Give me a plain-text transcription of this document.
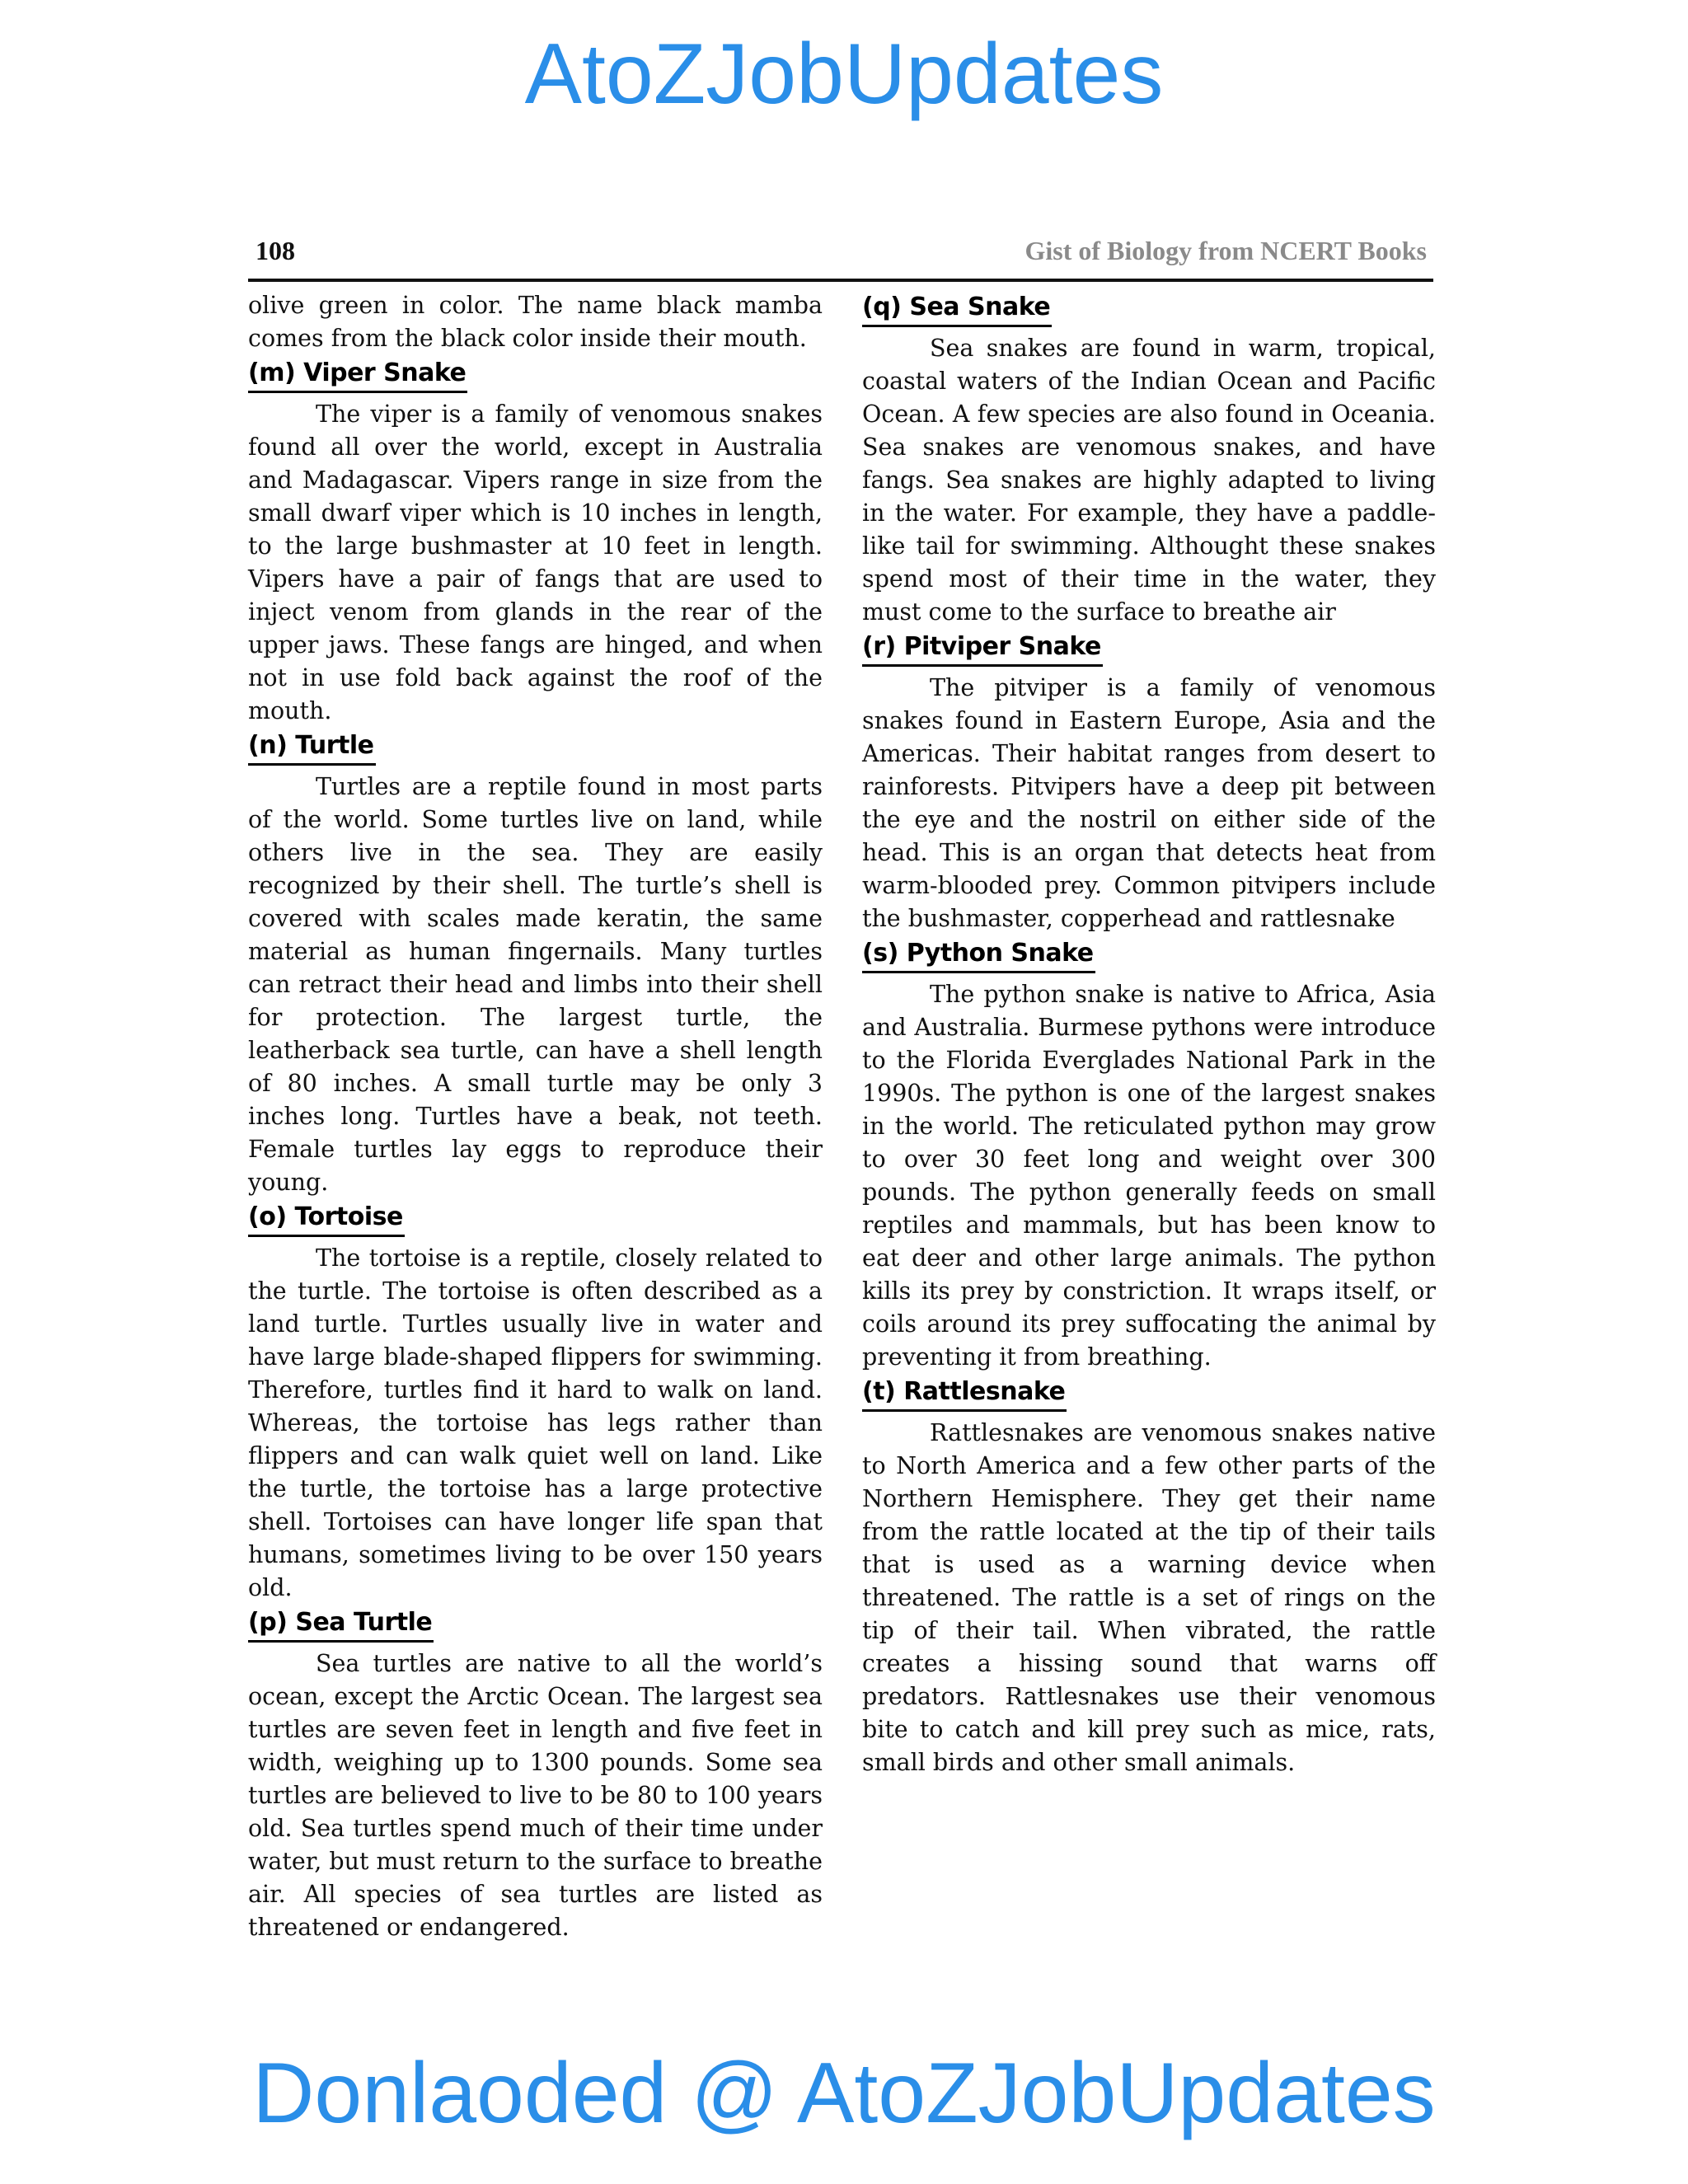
AtoZJobUpdates
108	Gist of Biology from NCERT Books

olive green in color. The name black mamba comes from the black color inside their mouth.

(m) Viper Snake

The viper is a family of venomous snakes found all over the world, except in Australia and Madagascar. Vipers range in size from the small dwarf viper which is 10 inches in length, to the large bushmaster at 10 feet in length. Vipers have a pair of fangs that are used to inject venom from glands in the rear of the upper jaws. These fangs are hinged, and when not in use fold back against the roof of the mouth.

(n) Turtle

Turtles are a reptile found in most parts of the world. Some turtles live on land, while others live in the sea. They are easily recognized by their shell. The turtle’s shell is covered with scales made keratin, the same material as human fingernails. Many turtles can retract their head and limbs into their shell for protection. The largest turtle, the leatherback sea turtle, can have a shell length of 80 inches. A small turtle may be only 3 inches long. Turtles have a beak, not teeth. Female turtles lay eggs to reproduce their young.

(o) Tortoise

The tortoise is a reptile, closely related to the turtle. The tortoise is often described as a land turtle. Turtles usually live in water and have large blade-shaped flippers for swimming. Therefore, turtles find it hard to walk on land. Whereas, the tortoise has legs rather than flippers and can walk quiet well on land. Like the turtle, the tortoise has a large protective shell. Tortoises can have longer life span that humans, sometimes living to be over 150 years old.

(p) Sea Turtle

Sea turtles are native to all the world’s ocean, except the Arctic Ocean. The largest sea turtles are seven feet in length and five feet in width, weighing up to 1300 pounds. Some sea turtles are believed to live to be 80 to 100 years old. Sea turtles spend much of their time under water, but must return to the surface to breathe air. All species of sea turtles are listed as threatened or endangered.

(q) Sea Snake

Sea snakes are found in warm, tropical, coastal waters of the Indian Ocean and Pacific Ocean. A few species are also found in Oceania. Sea snakes are venomous snakes, and have fangs. Sea snakes are highly adapted to living in the water. For example, they have a paddle-like tail for swimming. Althought these snakes spend most of their time in the water, they must come to the surface to breathe air

(r) Pitviper Snake

The pitviper is a family of venomous snakes found in Eastern Europe, Asia and the Americas. Their habitat ranges from desert to rainforests. Pitvipers have a deep pit between the eye and the nostril on either side of the head. This is an organ that detects heat from warm-blooded prey. Common pitvipers include the bushmaster, copperhead and rattlesnake

(s) Python Snake

The python snake is native to Africa, Asia and Australia. Burmese pythons were introduce to the Florida Everglades National Park in the 1990s. The python is one of the largest snakes in the world. The reticulated python may grow to over 30 feet long and weight over 300 pounds. The python generally feeds on small reptiles and mammals, but has been know to eat deer and other large animals. The python kills its prey by constriction. It wraps itself, or coils around its prey suffocating the animal by preventing it from breathing.

(t) Rattlesnake

Rattlesnakes are venomous snakes native to North America and a few other parts of the Northern Hemisphere. They get their name from the rattle located at the tip of their tails that is used as a warning device when threatened. The rattle is a set of rings on the tip of their tail. When vibrated, the rattle creates a hissing sound that warns off predators. Rattlesnakes use their venomous bite to catch and kill prey such as mice, rats, small birds and other small animals.

Donlaoded @ AtoZJobUpdates
